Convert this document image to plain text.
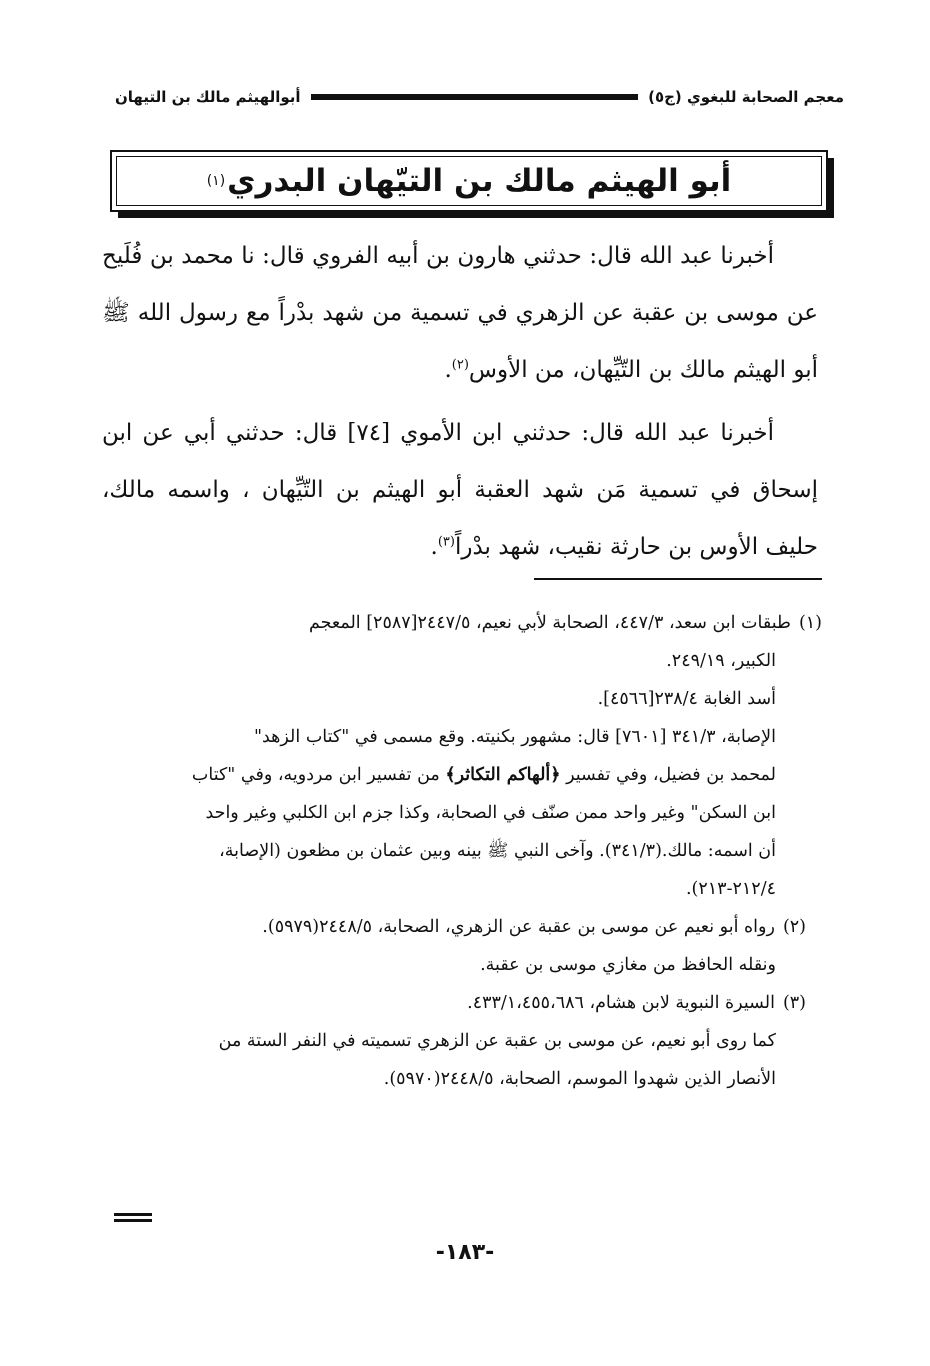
معجم الصحابة للبغوي (ج٥)
أبوالهيثم مالك بن التيهان
أبو الهيثم مالك بن التيّهان البدري
(١)

أخبرنا عبد الله قال: حدثني هارون بن أبيه الفروي قال: نا محمد بن فُلَيح عن موسى بن عقبة عن الزهري في تسمية من شهد بدْراً مع رسول الله ﷺ أبو الهيثم مالك بن التّيِّهان، من الأوس$^{(٢)}$.

أخبرنا عبد الله قال: حدثني ابن الأموي [٧٤] قال: حدثني أبي عن ابن إسحاق في تسمية مَن شهد العقبة أبو الهيثم بن التّيِّهان ، واسمه مالك، حليف الأوس بن حارثة نقيب، شهد بدْراً$^{(٣)}$.

(١)طبقات ابن سعد، ٤٤٧/٣، الصحابة لأبي نعيم، ٢٤٤٧/٥[٢٥٨٧] المعجم

الكبير، ٢٤٩/١٩.

أسد الغابة ٢٣٨/٤[٤٥٦٦].

الإصابة، ٣٤١/٣ [٧٦٠١] قال: مشهور بكنيته. وقع مسمى في "كتاب الزهد"

لمحمد بن فضيل، وفي تفسير ﴿ألهاكم التكاثر﴾ من تفسير ابن مردويه، وفي "كتاب

ابن السكن" وغير واحد ممن صنّف في الصحابة، وكذا جزم ابن الكلبي وغير واحد

أن اسمه: مالك.(٣٤١/٣). وآخى النبي ﷺ بينه وبين عثمان بن مظعون (الإصابة،

٢١٢/٤-٢١٣).

(٢)رواه أبو نعيم عن موسى بن عقبة عن الزهري، الصحابة، ٢٤٤٨/٥(٥٩٧٩).

ونقله الحافظ من مغازي موسى بن عقبة.

(٣)السيرة النبوية لابن هشام، ٤٣٣/١،٤٥٥،٦٨٦.

كما روى أبو نعيم، عن موسى بن عقبة عن الزهري تسميته في النفر الستة من

الأنصار الذين شهدوا الموسم، الصحابة، ٢٤٤٨/٥(٥٩٧٠).

-١٨٣-
